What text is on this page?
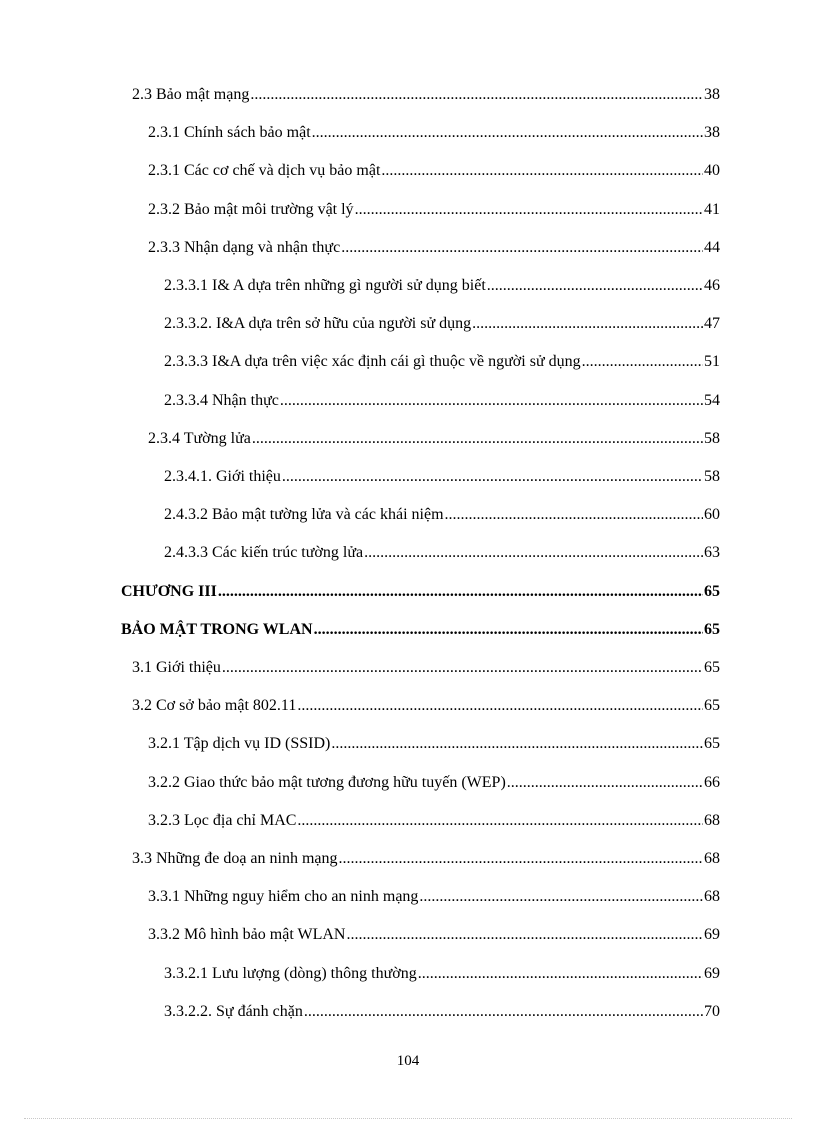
2.3 Bảo mật mạng .....	38
2.3.1 Chính sách bảo mật .....	38
2.3.1 Các cơ chế và dịch vụ bảo mật .....	40
2.3.2 Bảo mật môi trường vật lý .....	41
2.3.3 Nhận dạng và nhận thực .....	44
2.3.3.1 I& A dựa trên những gì người sử dụng biết .....	46
2.3.3.2. I&A dựa trên sở hữu của người sử dụng .....	47
2.3.3.3 I&A dựa trên việc xác định cái gì thuộc về người sử dụng .....	51
2.3.3.4 Nhận thực .....	54
2.3.4 Tường lửa .....	58
2.3.4.1. Giới thiệu .....	58
2.4.3.2 Bảo mật tường lửa và các khái niệm .....	60
2.4.3.3 Các kiến trúc tường lửa .....	63
CHƯƠNG III .....	65
BẢO MẬT TRONG WLAN .....	65
3.1 Giới thiệu .....	65
3.2 Cơ sở bảo mật 802.11 .....	65
3.2.1 Tập dịch vụ ID (SSID) .....	65
3.2.2 Giao thức bảo mật tương đương hữu tuyến (WEP) .....	66
3.2.3 Lọc địa chỉ MAC .....	68
3.3 Những đe doạ an ninh mạng .....	68
3.3.1 Những nguy hiểm cho an ninh mạng .....	68
3.3.2 Mô hình bảo mật WLAN .....	69
3.3.2.1 Lưu lượng (dòng) thông thường .....	69
3.3.2.2. Sự đánh chặn .....	70
104
